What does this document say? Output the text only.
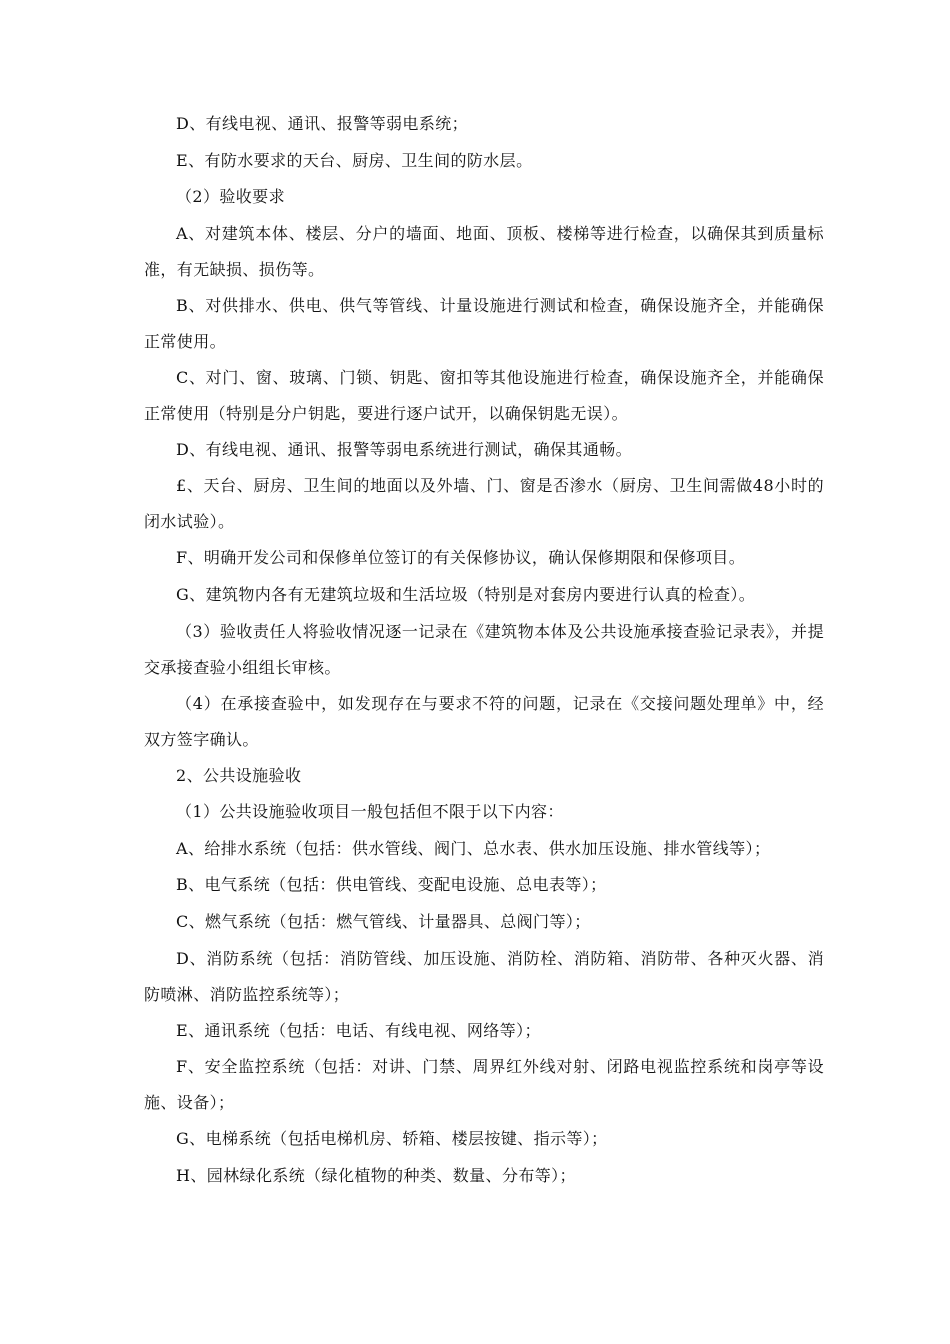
D、有线电视、通讯、报警等弱电系统；

E、有防水要求的天台、厨房、卫生间的防水层。

（2）验收要求

A、对建筑本体、楼层、分户的墙面、地面、顶板、楼梯等进行检查，以确保其到质量标准，有无缺损、损伤等。

B、对供排水、供电、供气等管线、计量设施进行测试和检查，确保设施齐全，并能确保正常使用。

C、对门、窗、玻璃、门锁、钥匙、窗扣等其他设施进行检查，确保设施齐全，并能确保正常使用（特别是分户钥匙，要进行逐户试开，以确保钥匙无误）。

D、有线电视、通讯、报警等弱电系统进行测试，确保其通畅。

£、天台、厨房、卫生间的地面以及外墙、门、窗是否渗水（厨房、卫生间需做48小时的闭水试验）。

F、明确开发公司和保修单位签订的有关保修协议，确认保修期限和保修项目。

G、建筑物内各有无建筑垃圾和生活垃圾（特别是对套房内要进行认真的检查）。

（3）验收责任人将验收情况逐一记录在《建筑物本体及公共设施承接查验记录表》，并提交承接查验小组组长审核。

（4）在承接查验中，如发现存在与要求不符的问题，记录在《交接问题处理单》中，经双方签字确认。

2、公共设施验收

（1）公共设施验收项目一般包括但不限于以下内容：

A、给排水系统（包括：供水管线、阀门、总水表、供水加压设施、排水管线等）；

B、电气系统（包括：供电管线、变配电设施、总电表等）；

C、燃气系统（包括：燃气管线、计量器具、总阀门等）；

D、消防系统（包括：消防管线、加压设施、消防栓、消防箱、消防带、各种灭火器、消防喷淋、消防监控系统等）；

E、通讯系统（包括：电话、有线电视、网络等）；

F、安全监控系统（包括：对讲、门禁、周界红外线对射、闭路电视监控系统和岗亭等设施、设备）；

G、电梯系统（包括电梯机房、轿箱、楼层按键、指示等）；

H、园林绿化系统（绿化植物的种类、数量、分布等）；
